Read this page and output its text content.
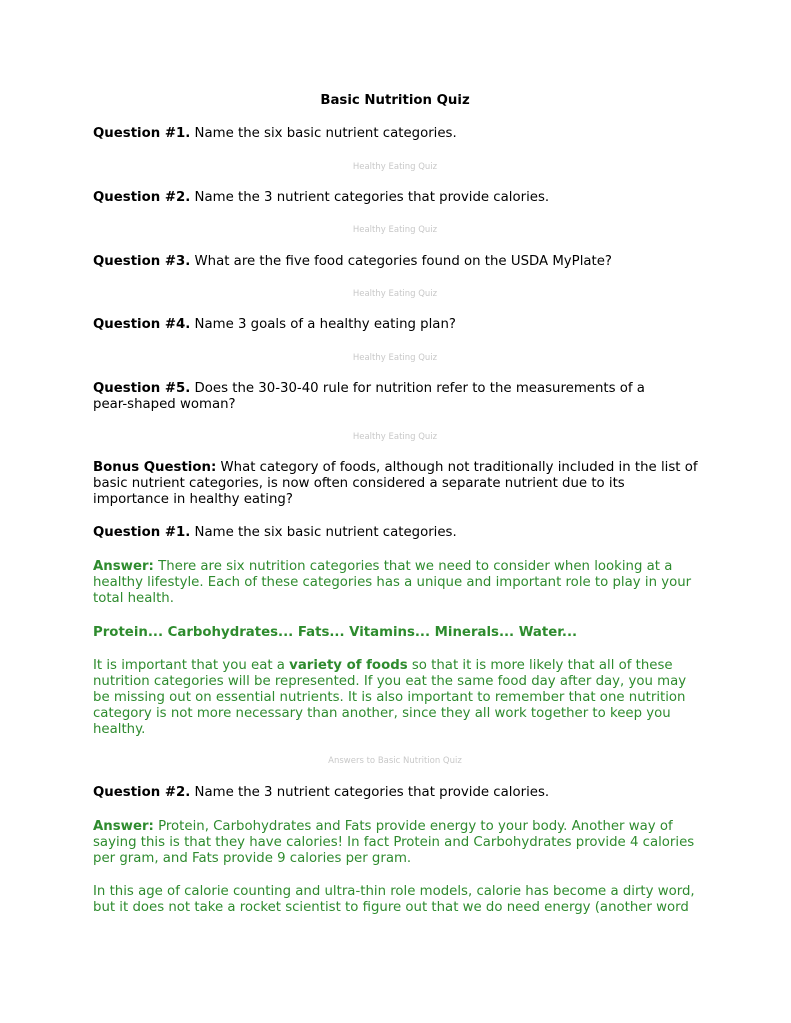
Basic Nutrition Quiz
Question #1. Name the six basic nutrient categories.
Healthy Eating Quiz
Question #2. Name the 3 nutrient categories that provide calories.
Healthy Eating Quiz
Question #3. What are the five food categories found on the USDA MyPlate?
Healthy Eating Quiz
Question #4. Name 3 goals of a healthy eating plan?
Healthy Eating Quiz
Question #5. Does the 30-30-40 rule for nutrition refer to the measurements of a pear-shaped woman?
Healthy Eating Quiz
Bonus Question: What category of foods, although not traditionally included in the list of basic nutrient categories, is now often considered a separate nutrient due to its importance in healthy eating?
Question #1. Name the six basic nutrient categories.
Answer: There are six nutrition categories that we need to consider when looking at a healthy lifestyle. Each of these categories has a unique and important role to play in your total health.
Protein... Carbohydrates... Fats... Vitamins... Minerals... Water...
It is important that you eat a variety of foods so that it is more likely that all of these nutrition categories will be represented. If you eat the same food day after day, you may be missing out on essential nutrients. It is also important to remember that one nutrition category is not more necessary than another, since they all work together to keep you healthy.
Answers to Basic Nutrition Quiz
Question #2. Name the 3 nutrient categories that provide calories.
Answer: Protein, Carbohydrates and Fats provide energy to your body. Another way of saying this is that they have calories! In fact Protein and Carbohydrates provide 4 calories per gram, and Fats provide 9 calories per gram.
In this age of calorie counting and ultra-thin role models, calorie has become a dirty word, but it does not take a rocket scientist to figure out that we do need energy (another word
